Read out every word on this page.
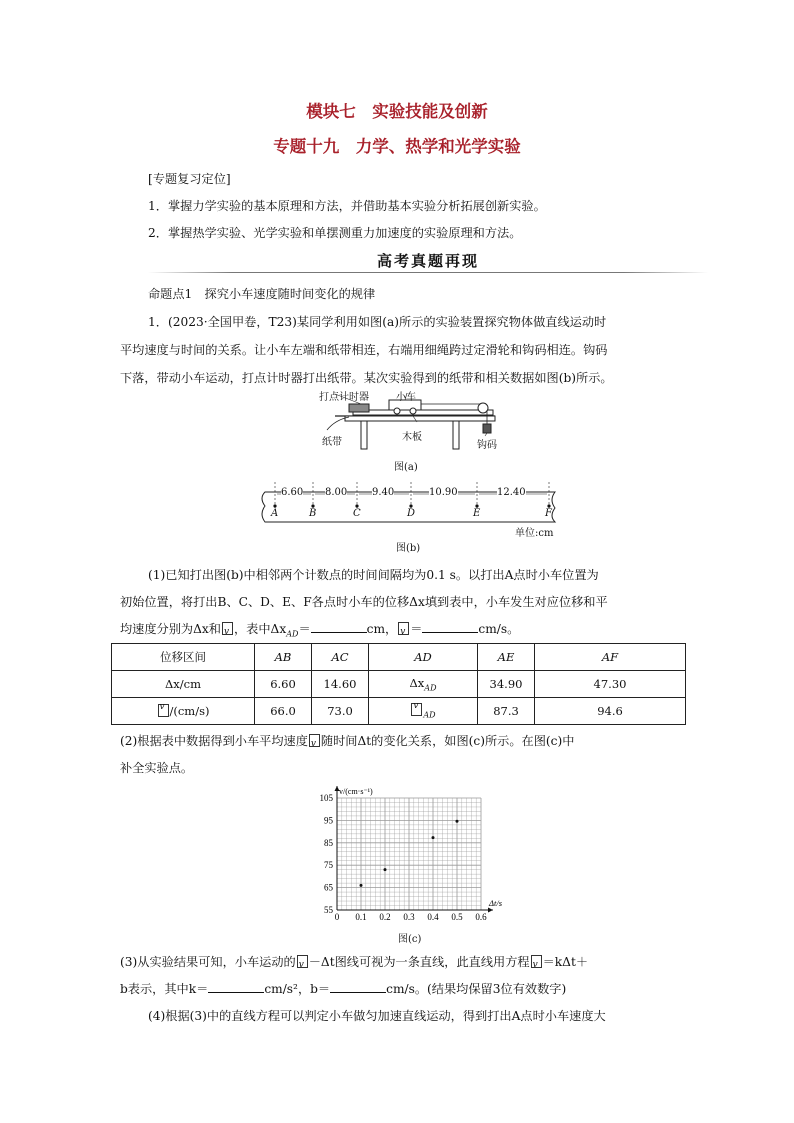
模块七　实验技能及创新
专题十九　力学、热学和光学实验
[专题复习定位]
1．掌握力学实验的基本原理和方法，并借助基本实验分析拓展创新实验。
2．掌握热学实验、光学实验和单摆测重力加速度的实验原理和方法。
高考真题再现
命题点1　探究小车速度随时间变化的规律
1．(2023·全国甲卷，T23)某同学利用如图(a)所示的实验装置探究物体做直线运动时
平均速度与时间的关系。让小车左端和纸带相连，右端用细绳跨过定滑轮和钩码相连。钩码
下落，带动小车运动，打点计时器打出纸带。某次实验得到的纸带和相关数据如图(b)所示。
打点计时器	小车
纸带	木板
钩码
图(a)
6.60 8.00 9.40	10.90	12.40
A	B	C	D	E	F
单位:cm
图(b)
(1)已知打出图(b)中相邻两个计数点的时间间隔均为0.1 s。以打出A点时小车位置为
初始位置，将打出B、C、D、E、F各点时小车的位移Δx填到表中，小车发生对应位移和平
均速度分别为Δx和 v ，表中$\Delta x_{AD}=$	cm， v ＝	cm/s。
位移区间	AB	AC	AD	AE	AF
Δx/cm	6.60	14.60	$\Delta x_{AD}$	34.90	47.30
v/(cm/s)	66.0	73.0	$v_{AD}$	87.3	94.6
(2)根据表中数据得到小车平均速度 v 随时间Δt的变化关系，如图(c)所示。在图(c)中
补全实验点。
0 0.1 0.2 0.3 0.4 0.5 0.6
55
65
75
85
95
105
v/(cm·s⁻¹)
Δt/s
图(c)
(3)从实验结果可知，小车运动的 v －Δt图线可视为一条直线，此直线用方程 v ＝kΔt＋
b表示，其中k＝	cm/s²，b＝	cm/s。(结果均保留3位有效数字)
(4)根据(3)中的直线方程可以判定小车做匀加速直线运动，得到打出A点时小车速度大
